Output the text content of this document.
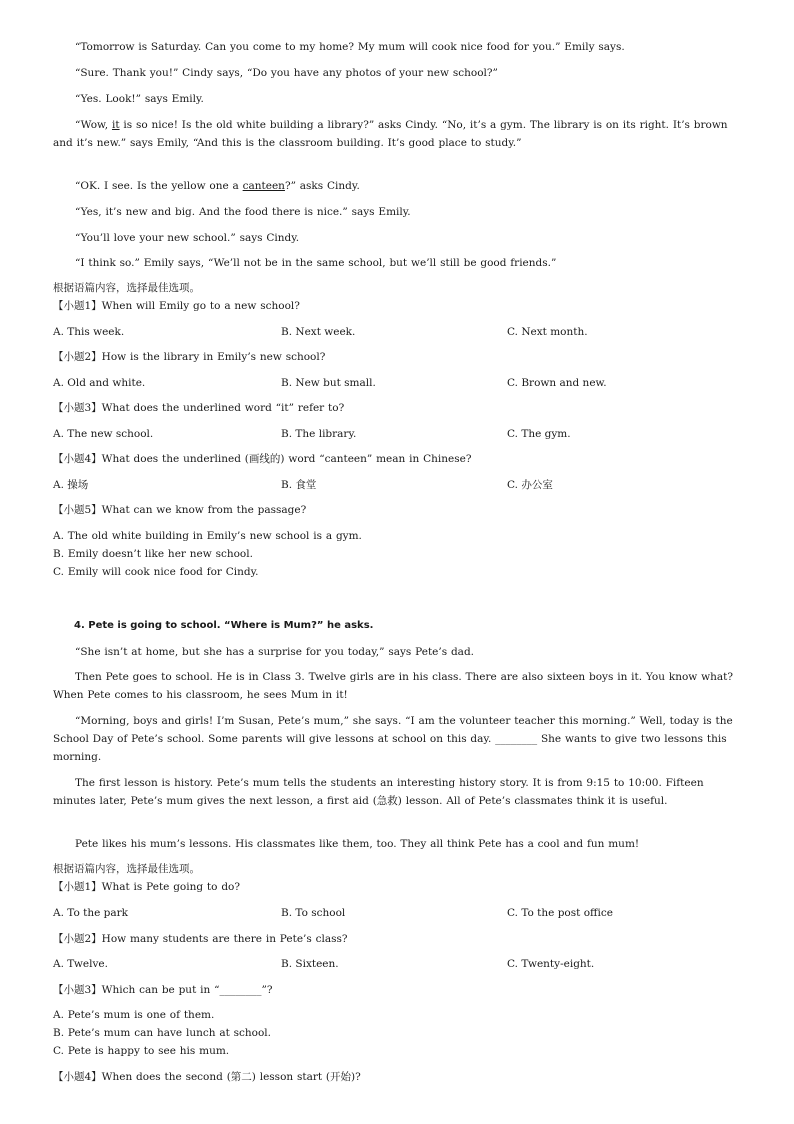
“Tomorrow is Saturday. Can you come to my home? My mum will cook nice food for you.” Emily says.
“Sure. Thank you!” Cindy says, “Do you have any photos of your new school?”
“Yes. Look!” says Emily.
“Wow, it is so nice! Is the old white building a library?” asks Cindy. “No, it’s a gym. The library is on its right. It’s brown and it’s new.” says Emily, “And this is the classroom building. It’s good place to study.”
“OK. I see. Is the yellow one a canteen?” asks Cindy.
“Yes, it’s new and big. And the food there is nice.” says Emily.
“You’ll love your new school.” says Cindy.
“I think so.” Emily says, “We’ll not be in the same school, but we’ll still be good friends.”
根据语篇内容，选择最佳选项。
【小题1】When will Emily go to a new school?
A. This week.	B. Next week.	C. Next month.
【小题2】How is the library in Emily’s new school?
A. Old and white.	B. New but small.	C. Brown and new.
【小题3】What does the underlined word “it” refer to?
A. The new school.	B. The library.	C. The gym.
【小题4】What does the underlined (画线的) word “canteen” mean in Chinese?
A. 操场	B. 食堂	C. 办公室
【小题5】What can we know from the passage?
A. The old white building in Emily’s new school is a gym.
B. Emily doesn’t like her new school.
C. Emily will cook nice food for Cindy.
4. Pete is going to school. “Where is Mum?” he asks.
“She isn’t at home, but she has a surprise for you today,” says Pete’s dad.
Then Pete goes to school. He is in Class 3. Twelve girls are in his class. There are also sixteen boys in it. You know what? When Pete comes to his classroom, he sees Mum in it!
“Morning, boys and girls! I’m Susan, Pete’s mum,” she says. “I am the volunteer teacher this morning.” Well, today is the School Day of Pete’s school. Some parents will give lessons at school on this day. ________ She wants to give two lessons this morning.
The first lesson is history. Pete’s mum tells the students an interesting history story. It is from 9:15 to 10:00. Fifteen minutes later, Pete’s mum gives the next lesson, a first aid (急救) lesson. All of Pete’s classmates think it is useful.
Pete likes his mum’s lessons. His classmates like them, too. They all think Pete has a cool and fun mum!
根据语篇内容，选择最佳选项。
【小题1】What is Pete going to do?
A. To the park	B. To school	C. To the post office
【小题2】How many students are there in Pete’s class?
A. Twelve.	B. Sixteen.	C. Twenty-eight.
【小题3】Which can be put in “________”?
A. Pete’s mum is one of them.
B. Pete’s mum can have lunch at school.
C. Pete is happy to see his mum.
【小题4】When does the second (第二) lesson start (开始)?
